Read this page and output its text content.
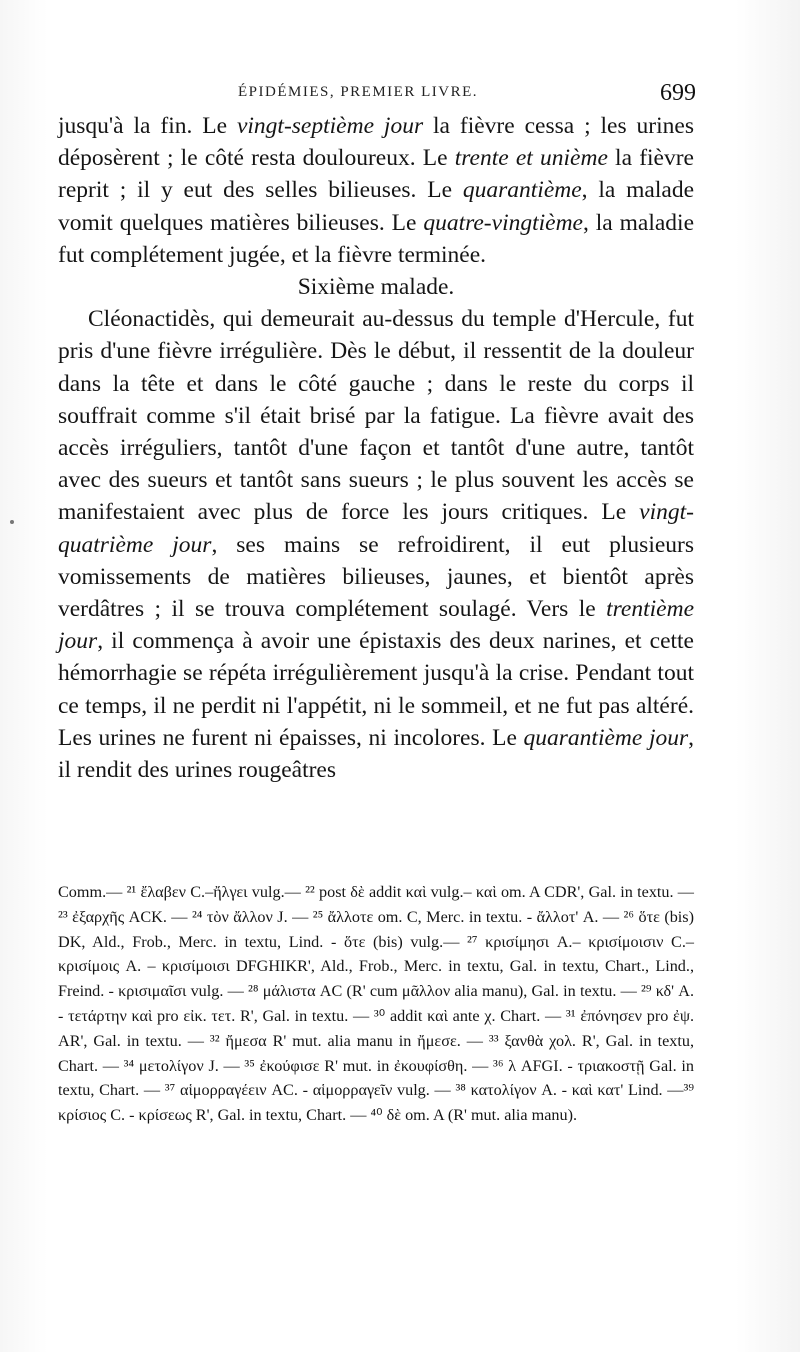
ÉPIDÉMIES, PREMIER LIVRE.	699

jusqu'à la fin. Le vingt-septième jour la fièvre cessa ; les urines déposèrent ; le côté resta douloureux. Le trente et unième la fièvre reprit ; il y eut des selles bilieuses. Le quarantième, la malade vomit quelques matières bilieuses. Le quatre-vingtième, la maladie fut complétement jugée, et la fièvre terminée.

Sixième malade.

Cléonactidès, qui demeurait au-dessus du temple d'Hercule, fut pris d'une fièvre irrégulière. Dès le début, il ressentit de la douleur dans la tête et dans le côté gauche ; dans le reste du corps il souffrait comme s'il était brisé par la fatigue. La fièvre avait des accès irréguliers, tantôt d'une façon et tantôt d'une autre, tantôt avec des sueurs et tantôt sans sueurs ; le plus souvent les accès se manifestaient avec plus de force les jours critiques. Le vingt-quatrième jour, ses mains se refroidirent, il eut plusieurs vomissements de matières bilieuses, jaunes, et bientôt après verdâtres ; il se trouva complétement soulagé. Vers le trentième jour, il commença à avoir une épistaxis des deux narines, et cette hémorrhagie se répéta irrégulièrement jusqu'à la crise. Pendant tout ce temps, il ne perdit ni l'appétit, ni le sommeil, et ne fut pas altéré. Les urines ne furent ni épaisses, ni incolores. Le quarantième jour, il rendit des urines rougeâtres

Comm.— ²¹ ἔλαβεν C.–ἤλγει vulg.— ²² post δὲ addit καὶ vulg.– καὶ om. A CDR', Gal. in textu. — ²³ ἐξαρχῆς ACK. — ²⁴ τὸν ἄλλον J. — ²⁵ ἄλλοτε om. C, Merc. in textu. - ἄλλοτ' A. — ²⁶ ὅτε (bis) DK, Ald., Frob., Merc. in textu, Lind. - ὅτε (bis) vulg.— ²⁷ κρισίμησι A.– κρισίμοισιν C.– κρισίμοις A. – κρισίμοισι DFGHIKR', Ald., Frob., Merc. in textu, Gal. in textu, Chart., Lind., Freind. - κρισιμαῖσι vulg. — ²⁸ μάλιστα AC (R' cum μᾶλλον alia manu), Gal. in textu. — ²⁹ κδ' A. - τετάρτην καὶ pro εἰκ. τετ. R', Gal. in textu. — ³⁰ addit καὶ ante χ. Chart. — ³¹ ἐπόνησεν pro ἐψ. AR', Gal. in textu. — ³² ἤμεσα R' mut. alia manu in ἤμεσε. — ³³ ξανθὰ χολ. R', Gal. in textu, Chart. — ³⁴ μετολίγον J. — ³⁵ ἐκούφισε R' mut. in ἐκουφίσθη. — ³⁶ λ AFGI. - τριακοστῇ Gal. in textu, Chart. — ³⁷ αἱμορραγέειν AC. - αἱμορραγεῖν vulg. — ³⁸ κατολίγον A. - καὶ κατ' Lind. —³⁹ κρίσιος C. - κρίσεως R', Gal. in textu, Chart. — ⁴⁰ δὲ om. A (R' mut. alia manu).
